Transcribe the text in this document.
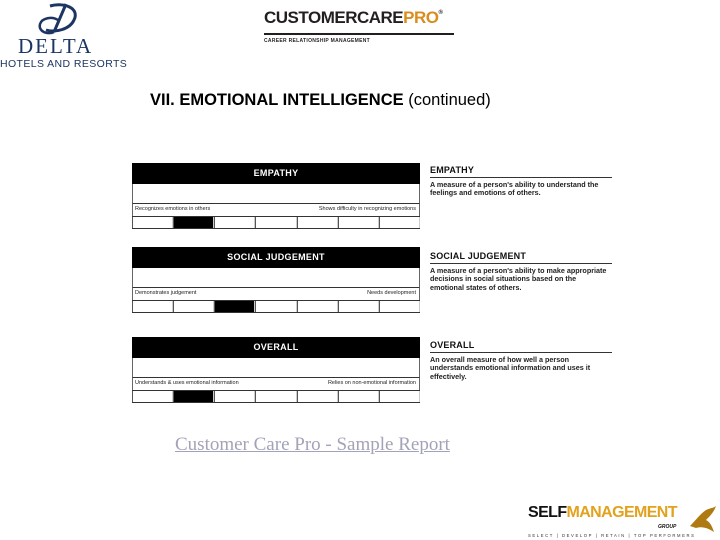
DELTA
HOTELS AND RESORTS
CUSTOMERCAREPRO®
CAREER RELATIONSHIP MANAGEMENT
VII. EMOTIONAL INTELLIGENCE (continued)
EMPATHY
Recognizes emotions in others	Shows difficulty in recognizing emotions
SOCIAL JUDGEMENT
Demonstrates judgement	Needs development
OVERALL
Understands & uses emotional information	Relies on non-emotional information
EMPATHY
A measure of a person's ability to understand the feelings and emotions of others.
SOCIAL JUDGEMENT
A measure of a person's ability to make appropriate decisions in social situations based on the emotional states of others.
OVERALL
An overall measure of how well a person understands emotional information and uses it effectively.
Customer Care Pro - Sample Report
SELFMANAGEMENT
GROUP
SELECT | DEVELOP | RETAIN | TOP PERFORMERS
